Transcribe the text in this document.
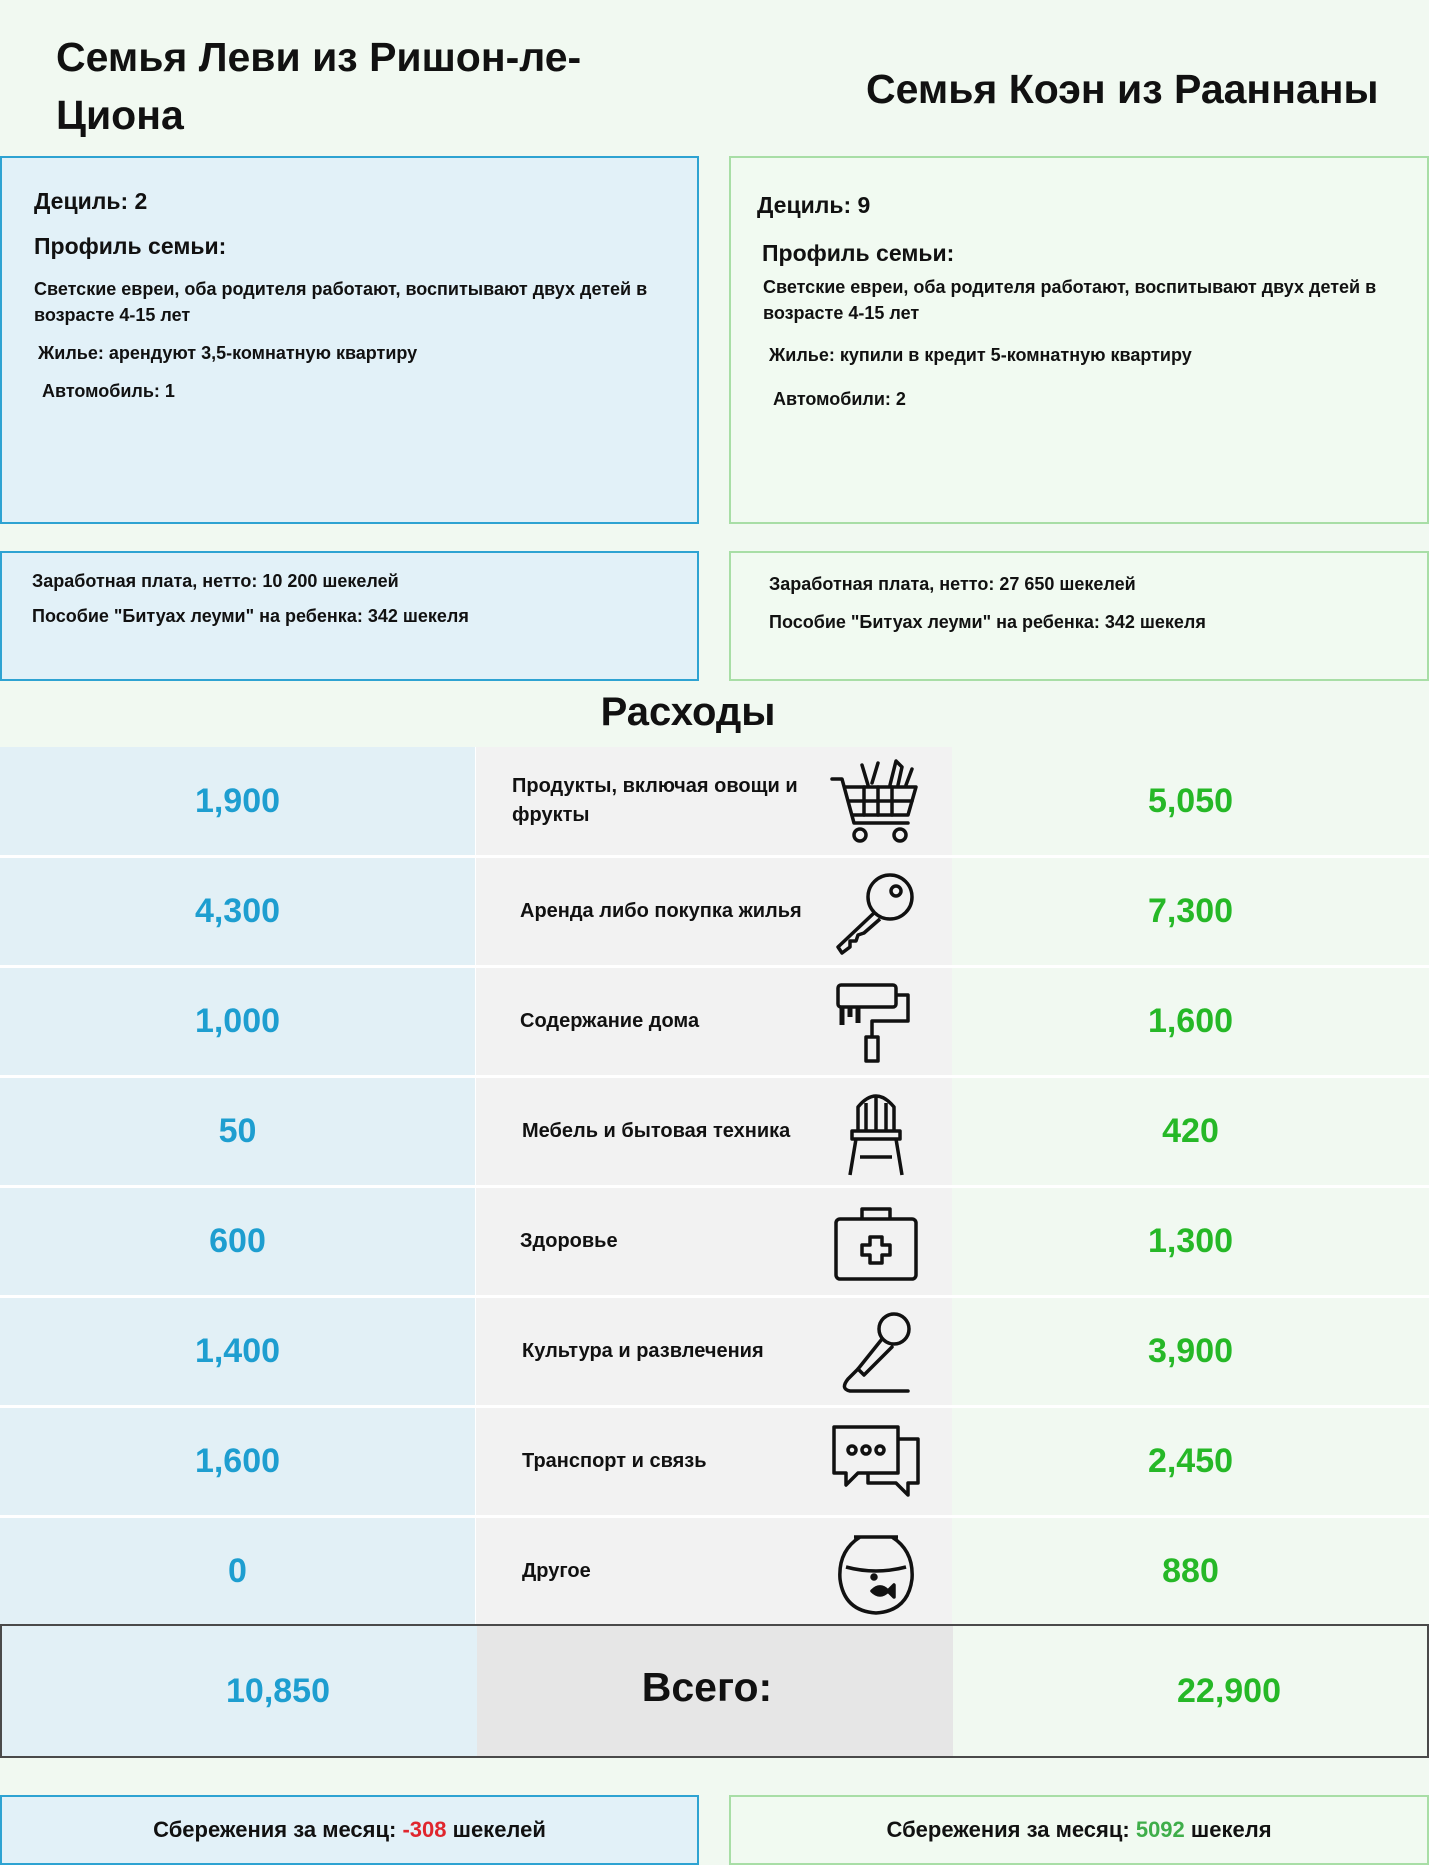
Семья Леви из Ришон-ле-Циона
Семья Коэн из Рааннаны
Дециль: 2
Профиль семьи:
Светские евреи, оба родителя работают, воспитывают двух детей в возрасте 4-15 лет
Жилье: арендуют 3,5-комнатную квартиру
Автомобиль: 1
Дециль: 9
Профиль семьи:
Светские евреи, оба родителя работают, воспитывают двух детей в возрасте 4-15 лет
Жилье: купили в кредит 5-комнатную квартиру
Автомобили: 2
Заработная плата, нетто: 10 200 шекелей
Пособие "Битуах леуми" на ребенка: 342 шекеля
Заработная плата, нетто: 27 650 шекелей
Пособие "Битуах леуми" на ребенка: 342 шекеля
Расходы
1,900	Продукты, включая овощи и фрукты	5,050
4,300	Аренда либо покупка жилья	7,300
1,000	Содержание дома	1,600
50	Мебель и бытовая техника	420
600	Здоровье	1,300
1,400	Культура и развлечения	3,900
1,600	Транспорт и связь	2,450
0	Другое	880
10,850	Всего:	22,900
Сбережения за месяц: -308 шекелей	Сбережения за месяц: 5092 шекеля
